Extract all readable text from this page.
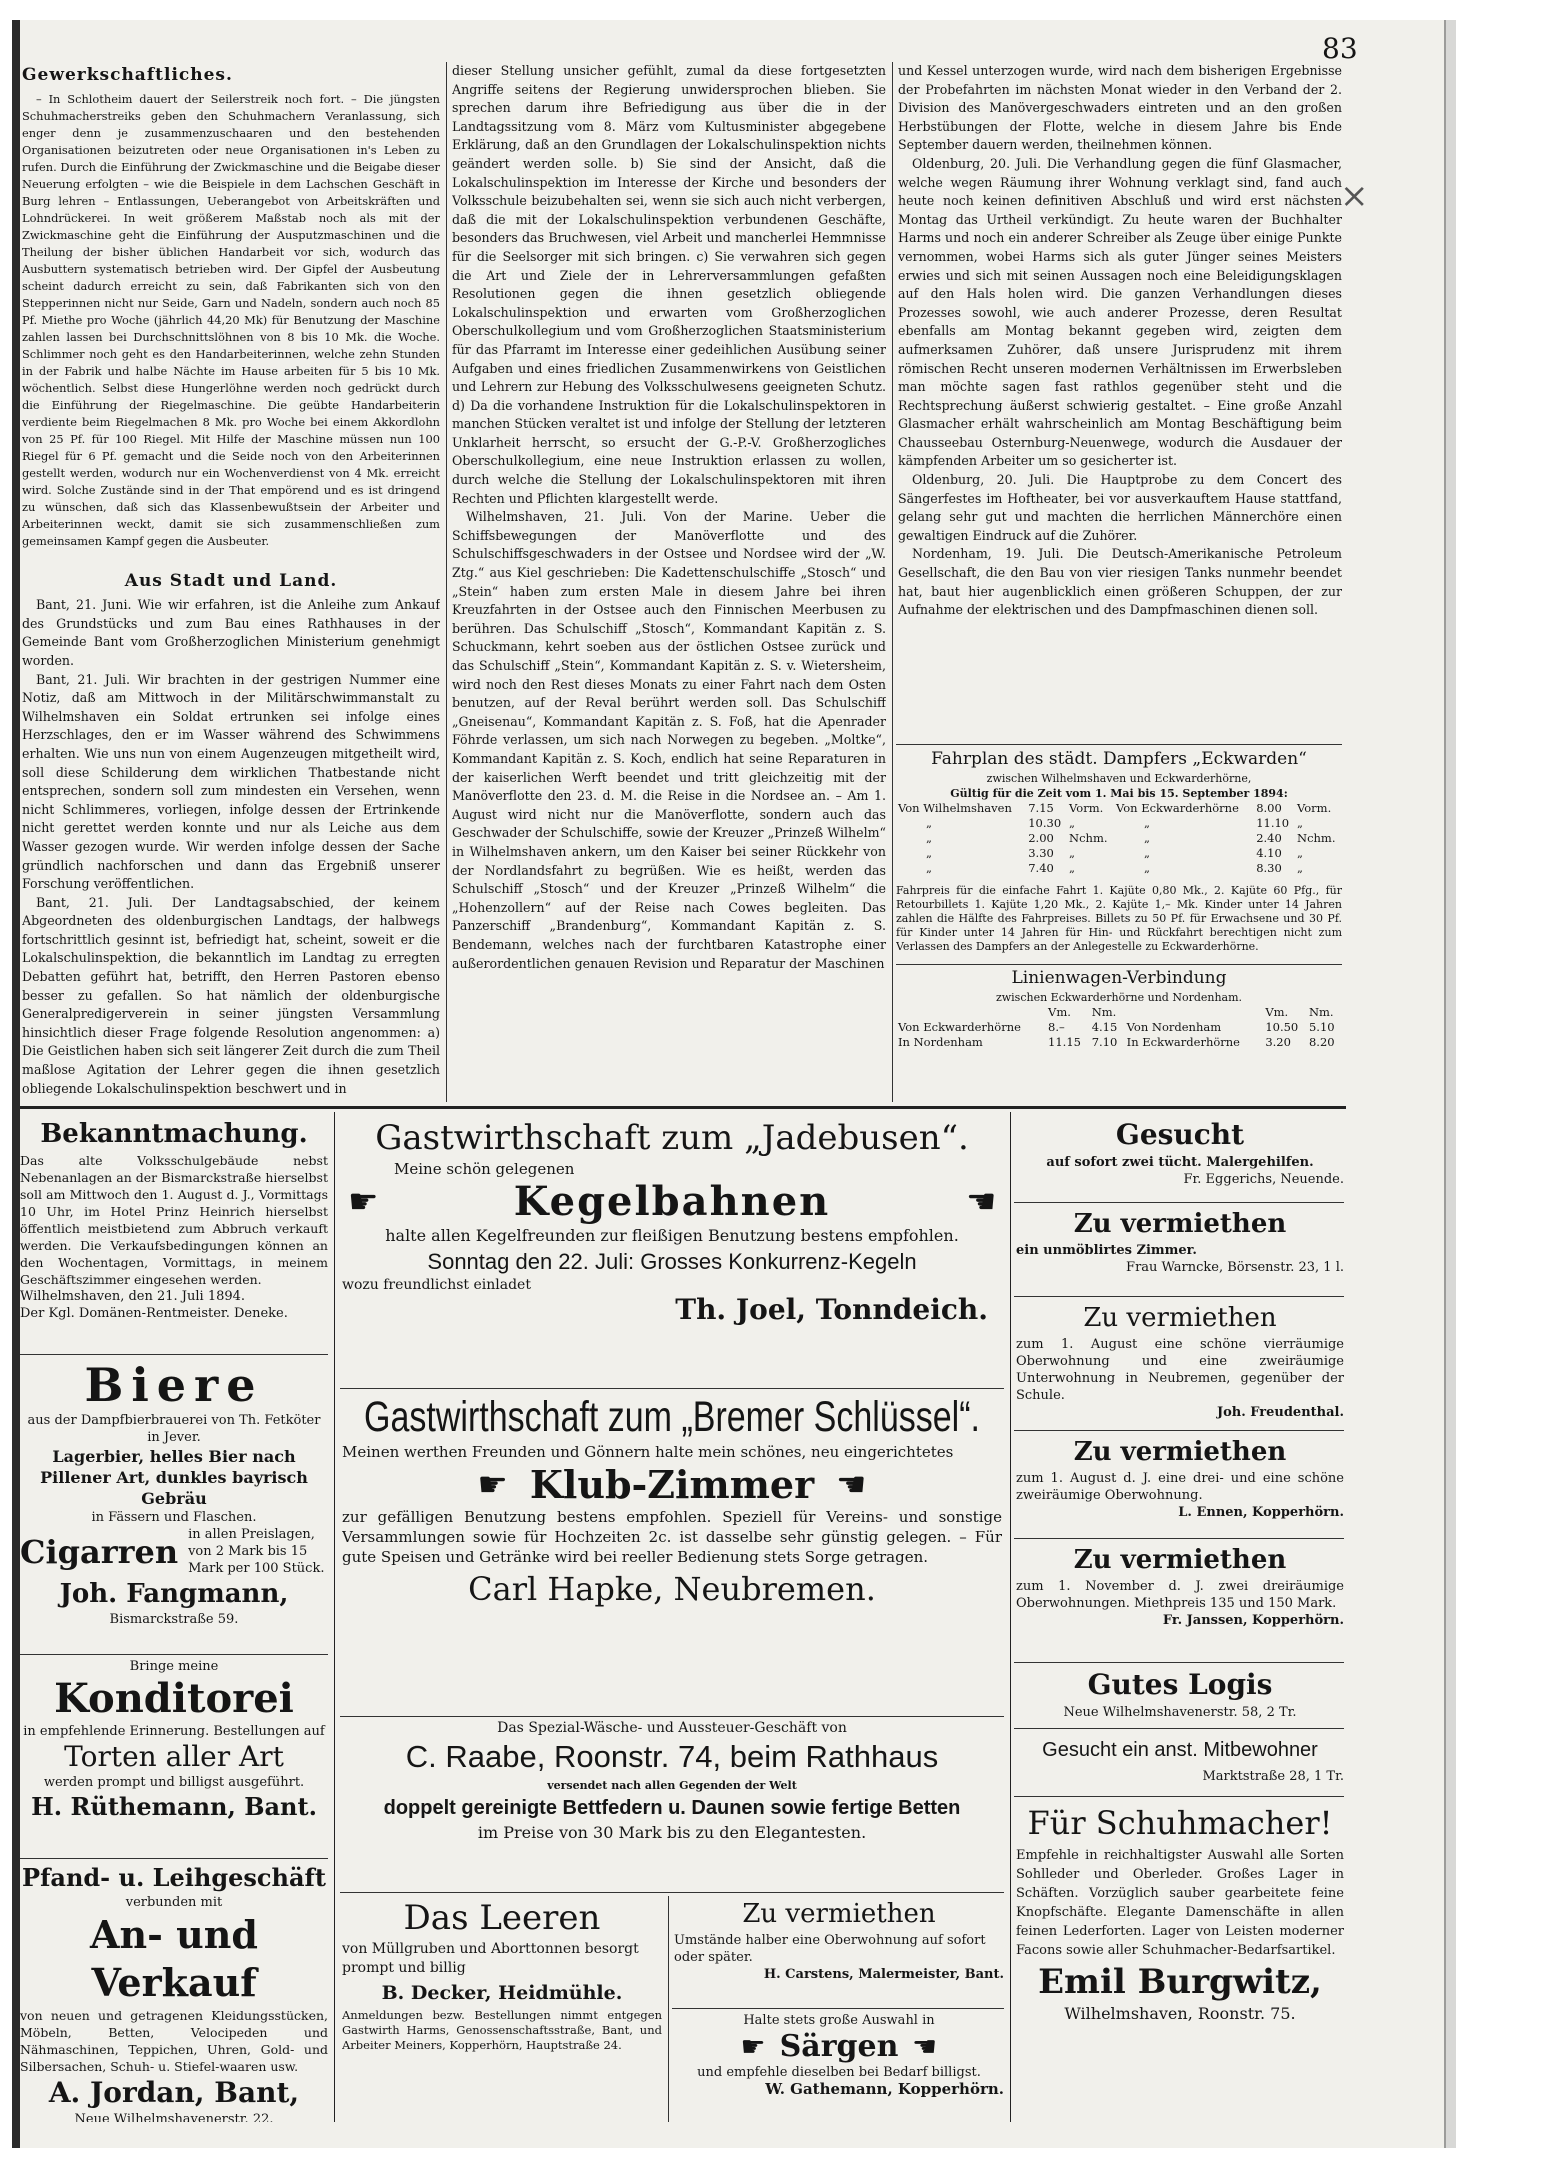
83
×
Gewerkschaftliches.

– In Schlotheim dauert der Seilerstreik noch fort. – Die jüngsten Schuhmacherstreiks geben den Schuhmachern Veranlassung, sich enger denn je zusammenzuschaaren und den bestehenden Organisationen beizutreten oder neue Organisationen in's Leben zu rufen. Durch die Einführung der Zwickmaschine und die Beigabe dieser Neuerung erfolgten – wie die Beispiele in dem Lachschen Geschäft in Burg lehren – Entlassungen, Ueberangebot von Arbeitskräften und Lohndrückerei. In weit größerem Maßstab noch als mit der Zwickmaschine geht die Einführung der Ausputzmaschinen und die Theilung der bisher üblichen Handarbeit vor sich, wodurch das Ausbuttern systematisch betrieben wird. Der Gipfel der Ausbeutung scheint dadurch erreicht zu sein, daß Fabrikanten sich von den Stepperinnen nicht nur Seide, Garn und Nadeln, sondern auch noch 85 Pf. Miethe pro Woche (jährlich 44,20 Mk) für Benutzung der Maschine zahlen lassen bei Durchschnittslöhnen von 8 bis 10 Mk. die Woche. Schlimmer noch geht es den Handarbeiterinnen, welche zehn Stunden in der Fabrik und halbe Nächte im Hause arbeiten für 5 bis 10 Mk. wöchentlich. Selbst diese Hungerlöhne werden noch gedrückt durch die Einführung der Riegelmaschine. Die geübte Handarbeiterin verdiente beim Riegelmachen 8 Mk. pro Woche bei einem Akkordlohn von 25 Pf. für 100 Riegel. Mit Hilfe der Maschine müssen nun 100 Riegel für 6 Pf. gemacht und die Seide noch von den Arbeiterinnen gestellt werden, wodurch nur ein Wochenverdienst von 4 Mk. erreicht wird. Solche Zustände sind in der That empörend und es ist dringend zu wünschen, daß sich das Klassenbewußtsein der Arbeiter und Arbeiterinnen weckt, damit sie sich zusammenschließen zum gemeinsamen Kampf gegen die Ausbeuter.

Aus Stadt und Land.

Bant, 21. Juni. Wie wir erfahren, ist die Anleihe zum Ankauf des Grundstücks und zum Bau eines Rathhauses in der Gemeinde Bant vom Großherzoglichen Ministerium genehmigt worden.

Bant, 21. Juli. Wir brachten in der gestrigen Nummer eine Notiz, daß am Mittwoch in der Militärschwimmanstalt zu Wilhelmshaven ein Soldat ertrunken sei infolge eines Herzschlages, den er im Wasser während des Schwimmens erhalten. Wie uns nun von einem Augenzeugen mitgetheilt wird, soll diese Schilderung dem wirklichen Thatbestande nicht entsprechen, sondern soll zum mindesten ein Versehen, wenn nicht Schlimmeres, vorliegen, infolge dessen der Ertrinkende nicht gerettet werden konnte und nur als Leiche aus dem Wasser gezogen wurde. Wir werden infolge dessen der Sache gründlich nachforschen und dann das Ergebniß unserer Forschung veröffentlichen.

Bant, 21. Juli. Der Landtagsabschied, der keinem Abgeordneten des oldenburgischen Landtags, der halbwegs fortschrittlich gesinnt ist, befriedigt hat, scheint, soweit er die Lokalschulinspektion, die bekanntlich im Landtag zu erregten Debatten geführt hat, betrifft, den Herren Pastoren ebenso besser zu gefallen. So hat nämlich der oldenburgische Generalpredigerverein in seiner jüngsten Versammlung hinsichtlich dieser Frage folgende Resolution angenommen: a) Die Geistlichen haben sich seit längerer Zeit durch die zum Theil maßlose Agitation der Lehrer gegen die ihnen gesetzlich obliegende Lokalschulinspektion beschwert und in

dieser Stellung unsicher gefühlt, zumal da diese fortgesetzten Angriffe seitens der Regierung unwidersprochen blieben. Sie sprechen darum ihre Befriedigung aus über die in der Landtagssitzung vom 8. März vom Kultusminister abgegebene Erklärung, daß an den Grundlagen der Lokalschulinspektion nichts geändert werden solle. b) Sie sind der Ansicht, daß die Lokalschulinspektion im Interesse der Kirche und besonders der Volksschule beizubehalten sei, wenn sie sich auch nicht verbergen, daß die mit der Lokalschulinspektion verbundenen Geschäfte, besonders das Bruchwesen, viel Arbeit und mancherlei Hemmnisse für die Seelsorger mit sich bringen. c) Sie verwahren sich gegen die Art und Ziele der in Lehrerversammlungen gefaßten Resolutionen gegen die ihnen gesetzlich obliegende Lokalschulinspektion und erwarten vom Großherzoglichen Oberschulkollegium und vom Großherzoglichen Staatsministerium für das Pfarramt im Interesse einer gedeihlichen Ausübung seiner Aufgaben und eines friedlichen Zusammenwirkens von Geistlichen und Lehrern zur Hebung des Volksschulwesens geeigneten Schutz. d) Da die vorhandene Instruktion für die Lokalschulinspektoren in manchen Stücken veraltet ist und infolge der Stellung der letzteren Unklarheit herrscht, so ersucht der G.-P.-V. Großherzogliches Oberschulkollegium, eine neue Instruktion erlassen zu wollen, durch welche die Stellung der Lokalschulinspektoren mit ihren Rechten und Pflichten klargestellt werde.

Wilhelmshaven, 21. Juli. Von der Marine. Ueber die Schiffsbewegungen der Manöverflotte und des Schulschiffsgeschwaders in der Ostsee und Nordsee wird der „W. Ztg.“ aus Kiel geschrieben: Die Kadettenschulschiffe „Stosch“ und „Stein“ haben zum ersten Male in diesem Jahre bei ihren Kreuzfahrten in der Ostsee auch den Finnischen Meerbusen zu berühren. Das Schulschiff „Stosch“, Kommandant Kapitän z. S. Schuckmann, kehrt soeben aus der östlichen Ostsee zurück und das Schulschiff „Stein“, Kommandant Kapitän z. S. v. Wietersheim, wird noch den Rest dieses Monats zu einer Fahrt nach dem Osten benutzen, auf der Reval berührt werden soll. Das Schulschiff „Gneisenau“, Kommandant Kapitän z. S. Foß, hat die Apenrader Föhrde verlassen, um sich nach Norwegen zu begeben. „Moltke“, Kommandant Kapitän z. S. Koch, endlich hat seine Reparaturen in der kaiserlichen Werft beendet und tritt gleichzeitig mit der Manöverflotte den 23. d. M. die Reise in die Nordsee an. – Am 1. August wird nicht nur die Manöverflotte, sondern auch das Geschwader der Schulschiffe, sowie der Kreuzer „Prinzeß Wilhelm“ in Wilhelmshaven ankern, um den Kaiser bei seiner Rückkehr von der Nordlandsfahrt zu begrüßen. Wie es heißt, werden das Schulschiff „Stosch“ und der Kreuzer „Prinzeß Wilhelm“ die „Hohenzollern“ auf der Reise nach Cowes begleiten. Das Panzerschiff „Brandenburg“, Kommandant Kapitän z. S. Bendemann, welches nach der furchtbaren Katastrophe einer außerordentlichen genauen Revision und Reparatur der Maschinen

und Kessel unterzogen wurde, wird nach dem bisherigen Ergebnisse der Probefahrten im nächsten Monat wieder in den Verband der 2. Division des Manövergeschwaders eintreten und an den großen Herbstübungen der Flotte, welche in diesem Jahre bis Ende September dauern werden, theilnehmen können.

Oldenburg, 20. Juli. Die Verhandlung gegen die fünf Glasmacher, welche wegen Räumung ihrer Wohnung verklagt sind, fand auch heute noch keinen definitiven Abschluß und wird erst nächsten Montag das Urtheil verkündigt. Zu heute waren der Buchhalter Harms und noch ein anderer Schreiber als Zeuge über einige Punkte vernommen, wobei Harms sich als guter Jünger seines Meisters erwies und sich mit seinen Aussagen noch eine Beleidigungsklagen auf den Hals holen wird. Die ganzen Verhandlungen dieses Prozesses sowohl, wie auch anderer Prozesse, deren Resultat ebenfalls am Montag bekannt gegeben wird, zeigten dem aufmerksamen Zuhörer, daß unsere Jurisprudenz mit ihrem römischen Recht unseren modernen Verhältnissen im Erwerbsleben man möchte sagen fast rathlos gegenüber steht und die Rechtsprechung äußerst schwierig gestaltet. – Eine große Anzahl Glasmacher erhält wahrscheinlich am Montag Beschäftigung beim Chausseebau Osternburg-Neuenwege, wodurch die Ausdauer der kämpfenden Arbeiter um so gesicherter ist.

Oldenburg, 20. Juli. Die Hauptprobe zu dem Concert des Sängerfestes im Hoftheater, bei vor ausverkauftem Hause stattfand, gelang sehr gut und machten die herrlichen Männerchöre einen gewaltigen Eindruck auf die Zuhörer.

Nordenham, 19. Juli. Die Deutsch-Amerikanische Petroleum Gesellschaft, die den Bau von vier riesigen Tanks nunmehr beendet hat, baut hier augenblicklich einen größeren Schuppen, der zur Aufnahme der elektrischen und des Dampfmaschinen dienen soll.

Fahrplan des städt. Dampfers „Eckwarden“
zwischen Wilhelmshaven und Eckwarderhörne,
Gültig für die Zeit vom 1. Mai bis 15. September 1894:
Von Wilhelmshaven	7.15	Vorm.	Von Eckwarderhörne	8.00	Vorm.
„	10.30	„	„	11.10	„
„	2.00	Nchm.	„	2.40	Nchm.
„	3.30	„	„	4.10	„
„	7.40	„	„	8.30	„
Fahrpreis für die einfache Fahrt 1. Kajüte 0,80 Mk., 2. Kajüte 60 Pfg., für Retourbillets 1. Kajüte 1,20 Mk., 2. Kajüte 1,– Mk. Kinder unter 14 Jahren zahlen die Hälfte des Fahrpreises. Billets zu 50 Pf. für Erwachsene und 30 Pf. für Kinder unter 14 Jahren für Hin- und Rückfahrt berechtigen nicht zum Verlassen des Dampfers an der Anlegestelle zu Eckwarderhörne.
Linienwagen-Verbindung
zwischen Eckwarderhörne und Nordenham.
	Vm.	Nm.		Vm.	Nm.
Von Eckwarderhörne	8.–	4.15	Von Nordenham	10.50	5.10
In Nordenham	11.15	7.10	In Eckwarderhörne	3.20	8.20
Bekanntmachung.
Das alte Volksschulgebäude nebst Nebenanlagen an der Bismarckstraße hierselbst soll am Mittwoch den 1. August d. J., Vormittags 10 Uhr, im Hotel Prinz Heinrich hierselbst öffentlich meistbietend zum Abbruch verkauft werden. Die Verkaufsbedingungen können an den Wochentagen, Vormittags, in meinem Geschäftszimmer eingesehen werden.
Wilhelmshaven, den 21. Juli 1894.
Der Kgl. Domänen-Rentmeister. Deneke.
Biere
aus der Dampfbierbrauerei von Th. Fetköter in Jever.
Lagerbier, helles Bier nach Pillener Art, dunkles bayrisch Gebräu
in Fässern und Flaschen.
Cigarren in allen Preislagen, von 2 Mark bis 15 Mark per 100 Stück.
Joh. Fangmann,
Bismarckstraße 59.
Bringe meine
Konditorei
in empfehlende Erinnerung. Bestellungen auf
Torten aller Art
werden prompt und billigst ausgeführt.
H. Rüthemann, Bant.
Pfand- u. Leihgeschäft
verbunden mit
An- und Verkauf
von neuen und getragenen Kleidungsstücken, Möbeln, Betten, Velocipeden und Nähmaschinen, Teppichen, Uhren, Gold- und Silbersachen, Schuh- u. Stiefel-waaren usw.
A. Jordan, Bant,
Neue Wilhelmshavenerstr. 22.
Gastwirthschaft zum „Jadebusen“.
Meine schön gelegenen
☛	Kegelbahnen	☛
halte allen Kegelfreunden zur fleißigen Benutzung bestens empfohlen.
Sonntag den 22. Juli: Grosses Konkurrenz-Kegeln
wozu freundlichst einladet
Th. Joel, Tonndeich.
Gastwirthschaft zum „Bremer Schlüssel“.
Meinen werthen Freunden und Gönnern halte mein schönes, neu eingerichtetes
☛ Klub-Zimmer ☛
zur gefälligen Benutzung bestens empfohlen. Speziell für Vereins- und sonstige Versammlungen sowie für Hochzeiten 2c. ist dasselbe sehr günstig gelegen. – Für gute Speisen und Getränke wird bei reeller Bedienung stets Sorge getragen.
Carl Hapke, Neubremen.
Das Spezial-Wäsche- und Aussteuer-Geschäft von
C. Raabe, Roonstr. 74, beim Rathhaus
versendet nach allen Gegenden der Welt
doppelt gereinigte Bettfedern u. Daunen sowie fertige Betten
im Preise von 30 Mark bis zu den Elegantesten.
Das Leeren
von Müllgruben und Aborttonnen besorgt prompt und billig
B. Decker, Heidmühle.
Anmeldungen bezw. Bestellungen nimmt entgegen Gastwirth Harms, Genossenschaftsstraße, Bant, und Arbeiter Meiners, Kopperhörn, Hauptstraße 24.
Zu vermiethen
Umstände halber eine Oberwohnung auf sofort oder später.
H. Carstens, Malermeister, Bant.
Halte stets große Auswahl in
☛ Särgen ☛
und empfehle dieselben bei Bedarf billigst.
W. Gathemann, Kopperhörn.
Gesucht
auf sofort zwei tücht. Malergehilfen.
Fr. Eggerichs, Neuende.
Zu vermiethen
ein unmöblirtes Zimmer.
Frau Warncke, Börsenstr. 23, 1 l.
Zu vermiethen
zum 1. August eine schöne vierräumige Oberwohnung und eine zweiräumige Unterwohnung in Neubremen, gegenüber der Schule.
Joh. Freudenthal.
Zu vermiethen
zum 1. August d. J. eine drei- und eine schöne zweiräumige Oberwohnung.
L. Ennen, Kopperhörn.
Zu vermiethen
zum 1. November d. J. zwei dreiräumige Oberwohnungen. Miethpreis 135 und 150 Mark.
Fr. Janssen, Kopperhörn.
Gutes Logis
Neue Wilhelmshavenerstr. 58, 2 Tr.
Gesucht ein anst. Mitbewohner
Marktstraße 28, 1 Tr.
Für Schuhmacher!
Empfehle in reichhaltigster Auswahl alle Sorten Sohlleder und Oberleder. Großes Lager in Schäften. Vorzüglich sauber gearbeitete feine Knopfschäfte. Elegante Damenschäfte in allen feinen Lederforten. Lager von Leisten moderner Facons sowie aller Schuhmacher-Bedarfsartikel.
Emil Burgwitz,
Wilhelmshaven, Roonstr. 75.
